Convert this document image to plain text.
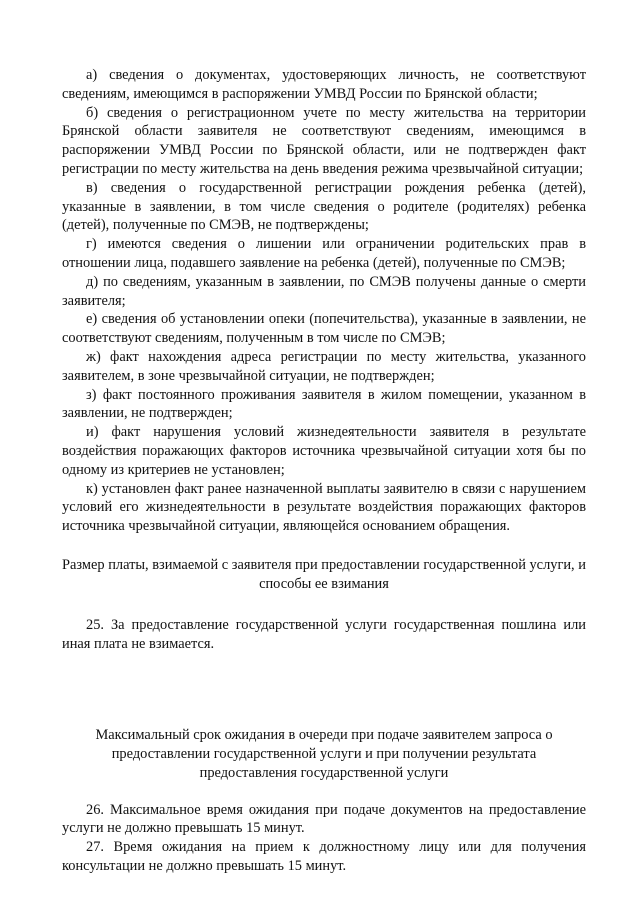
а) сведения о документах, удостоверяющих личность, не соответствуют сведениям, имеющимся в распоряжении УМВД России по Брянской области;

б) сведения о регистрационном учете по месту жительства на территории Брянской области заявителя не соответствуют сведениям, имеющимся в распоряжении УМВД России по Брянской области, или не подтвержден факт регистрации по месту жительства на день введения режима чрезвычайной ситуации;

в) сведения о государственной регистрации рождения ребенка (детей), указанные в заявлении, в том числе сведения о родителе (родителях) ребенка (детей), полученные по СМЭВ, не подтверждены;

г) имеются сведения о лишении или ограничении родительских прав в отношении лица, подавшего заявление на ребенка (детей), полученные по СМЭВ;

д) по сведениям, указанным в заявлении, по СМЭВ получены данные о смерти заявителя;

е) сведения об установлении опеки (попечительства), указанные в заявлении, не соответствуют сведениям, полученным в том числе по СМЭВ;

ж) факт нахождения адреса регистрации по месту жительства, указанного заявителем, в зоне чрезвычайной ситуации, не подтвержден;

з) факт постоянного проживания заявителя в жилом помещении, указанном в заявлении, не подтвержден;

и) факт нарушения условий жизнедеятельности заявителя в результате воздействия поражающих факторов источника чрезвычайной ситуации хотя бы по одному из критериев не установлен;

к) установлен факт ранее назначенной выплаты заявителю в связи с нарушением условий его жизнедеятельности в результате воздействия поражающих факторов источника чрезвычайной ситуации, являющейся основанием обращения.

Размер платы, взимаемой с заявителя при предоставлении государственной услуги, и способы ее взимания

25. За предоставление государственной услуги государственная пошлина или иная плата не взимается.

Максимальный срок ожидания в очереди при подаче заявителем запроса о предоставлении государственной услуги и при получении результата предоставления государственной услуги

26. Максимальное время ожидания при подаче документов на предоставление услуги не должно превышать 15 минут.

27. Время ожидания на прием к должностному лицу или для получения консультации не должно превышать 15 минут.
